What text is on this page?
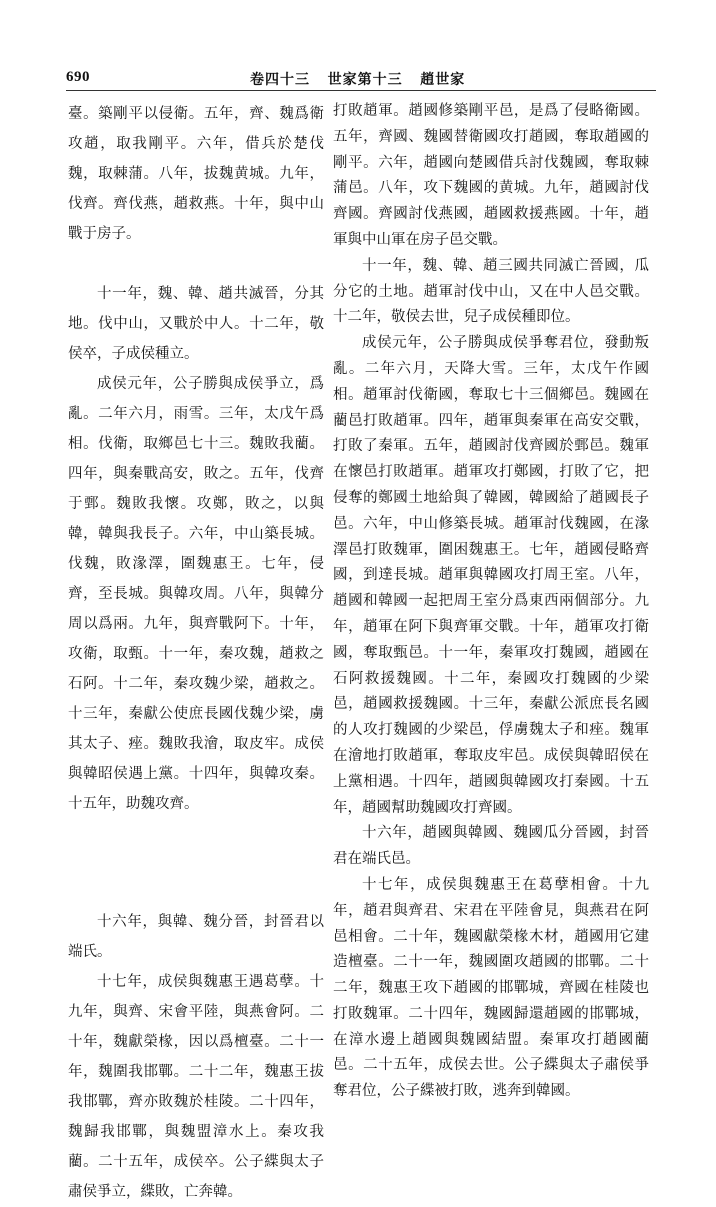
690	卷四十三   世家第十三   趙世家

臺。築剛平以侵衛。五年，齊、魏爲衛攻趙，取我剛平。六年，借兵於楚伐魏，取棘蒲。八年，拔魏黄城。九年，伐齊。齊伐燕，趙救燕。十年，與中山戰于房子。

十一年，魏、韓、趙共滅晉，分其地。伐中山，又戰於中人。十二年，敬侯卒，子成侯種立。

成侯元年，公子勝與成侯爭立，爲亂。二年六月，雨雪。三年，太戊午爲相。伐衛，取鄉邑七十三。魏敗我藺。四年，與秦戰高安，敗之。五年，伐齊于鄄。魏敗我懷。攻鄭，敗之，以與韓，韓與我長子。六年，中山築長城。伐魏，敗湪澤，圍魏惠王。七年，侵齊，至長城。與韓攻周。八年，與韓分周以爲兩。九年，與齊戰阿下。十年，攻衛，取甄。十一年，秦攻魏，趙救之石阿。十二年，秦攻魏少梁，趙救之。十三年，秦獻公使庶長國伐魏少梁，虜其太子、痤。魏敗我澮，取皮牢。成侯與韓昭侯遇上黨。十四年，與韓攻秦。十五年，助魏攻齊。

十六年，與韓、魏分晉，封晉君以端氏。

十七年，成侯與魏惠王遇葛孽。十九年，與齊、宋會平陸，與燕會阿。二十年，魏獻榮椽，因以爲檀臺。二十一年，魏圍我邯鄲。二十二年，魏惠王拔我邯鄲，齊亦敗魏於桂陵。二十四年，魏歸我邯鄲，與魏盟漳水上。秦攻我藺。二十五年，成侯卒。公子緤與太子肅侯爭立，緤敗，亡奔韓。

打敗趙軍。趙國修築剛平邑，是爲了侵略衛國。五年，齊國、魏國替衛國攻打趙國，奪取趙國的剛平。六年，趙國向楚國借兵討伐魏國，奪取棘蒲邑。八年，攻下魏國的黄城。九年，趙國討伐齊國。齊國討伐燕國，趙國救援燕國。十年，趙軍與中山軍在房子邑交戰。

十一年，魏、韓、趙三國共同滅亡晉國，瓜分它的土地。趙軍討伐中山，又在中人邑交戰。十二年，敬侯去世，兒子成侯種即位。

成侯元年，公子勝與成侯爭奪君位，發動叛亂。二年六月，天降大雪。三年，太戊午作國相。趙軍討伐衛國，奪取七十三個鄉邑。魏國在藺邑打敗趙軍。四年，趙軍與秦軍在高安交戰，打敗了秦軍。五年，趙國討伐齊國於鄄邑。魏軍在懷邑打敗趙軍。趙軍攻打鄭國，打敗了它，把侵奪的鄭國土地給與了韓國，韓國給了趙國長子邑。六年，中山修築長城。趙軍討伐魏國，在湪澤邑打敗魏軍，圍困魏惠王。七年，趙國侵略齊國，到達長城。趙軍與韓國攻打周王室。八年，趙國和韓國一起把周王室分爲東西兩個部分。九年，趙軍在阿下與齊軍交戰。十年，趙軍攻打衛國，奪取甄邑。十一年，秦軍攻打魏國，趙國在石阿救援魏國。十二年，秦國攻打魏國的少梁邑，趙國救援魏國。十三年，秦獻公派庶長名國的人攻打魏國的少梁邑，俘虜魏太子和痤。魏軍在澮地打敗趙軍，奪取皮牢邑。成侯與韓昭侯在上黨相遇。十四年，趙國與韓國攻打秦國。十五年，趙國幫助魏國攻打齊國。

十六年，趙國與韓國、魏國瓜分晉國，封晉君在端氏邑。

十七年，成侯與魏惠王在葛孽相會。十九年，趙君與齊君、宋君在平陸會見，與燕君在阿邑相會。二十年，魏國獻榮椽木材，趙國用它建造檀臺。二十一年，魏國圍攻趙國的邯鄲。二十二年，魏惠王攻下趙國的邯鄲城，齊國在桂陵也打敗魏軍。二十四年，魏國歸還趙國的邯鄲城，在漳水邊上趙國與魏國結盟。秦軍攻打趙國藺邑。二十五年，成侯去世。公子緤與太子肅侯爭奪君位，公子緤被打敗，逃奔到韓國。
